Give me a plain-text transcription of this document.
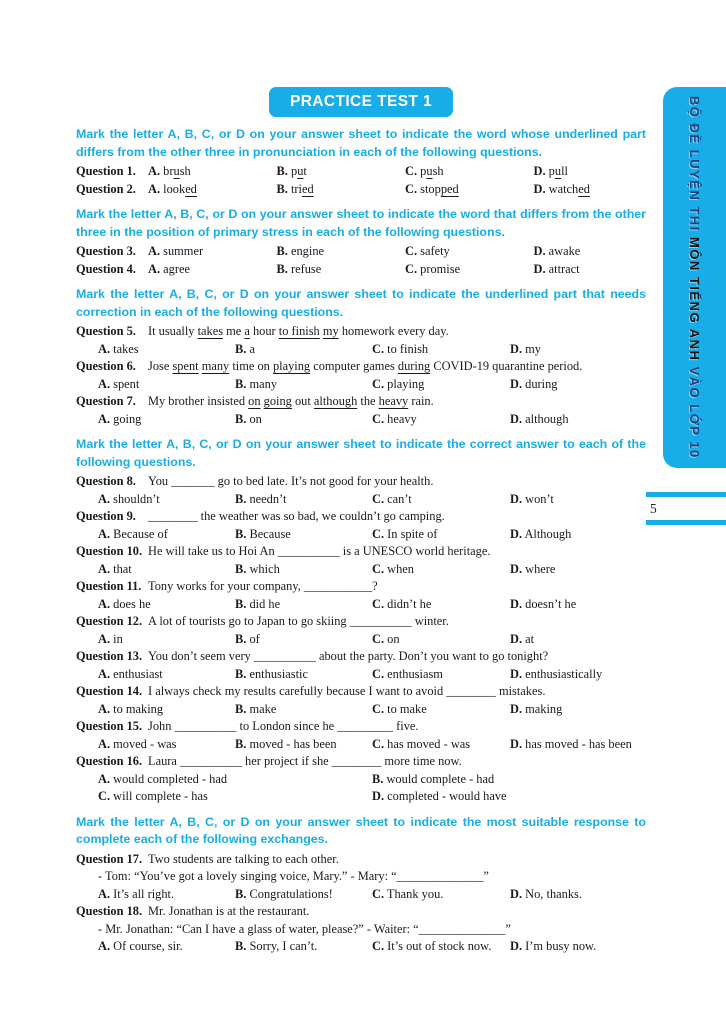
BỘ ĐỀ LUYỆN THI MÔN TIẾNG ANH VÀO LỚP 10
5
PRACTICE TEST 1

Mark the letter A, B, C, or D on your answer sheet to indicate the word whose underlined part differs from the other three in pronunciation in each of the following questions.

Question 1. A. brush	B. put	C. push	D. pull
Question 2. A. looked	B. tried	C. stopped	D. watched

Mark the letter A, B, C, or D on your answer sheet to indicate the word that differs from the other three in the position of primary stress in each of the following questions.

Question 3. A. summer	B. engine	C. safety	D. awake
Question 4. A. agree	B. refuse	C. promise	D. attract

Mark the letter A, B, C, or D on your answer sheet to indicate the underlined part that needs correction in each of the following questions.

Question 5. It usually takes me a hour to finish my homework every day.
A. takes	B. a	C. to finish	D. my
Question 6. Jose spent many time on playing computer games during COVID-19 quarantine period.
A. spent	B. many	C. playing	D. during
Question 7. My brother insisted on going out although the heavy rain.
A. going	B. on	C. heavy	D. although

Mark the letter A, B, C, or D on your answer sheet to indicate the correct answer to each of the following questions.

Question 8. You _______ go to bed late. It’s not good for your health.
A. shouldn’t	B. needn’t	C. can’t	D. won’t
Question 9. ________ the weather was so bad, we couldn’t go camping.
A. Because of	B. Because	C. In spite of	D. Although
Question 10. He will take us to Hoi An __________ is a UNESCO world heritage.
A. that	B. which	C. when	D. where
Question 11. Tony works for your company, ___________?
A. does he	B. did he	C. didn’t he	D. doesn’t he
Question 12. A lot of tourists go to Japan to go skiing __________ winter.
A. in	B. of	C. on	D. at
Question 13. You don’t seem very __________ about the party. Don’t you want to go tonight?
A. enthusiast	B. enthusiastic	C. enthusiasm	D. enthusiastically
Question 14. I always check my results carefully because I want to avoid ________ mistakes.
A. to making	B. make	C. to make	D. making
Question 15. John __________ to London since he _________ five.
A. moved - was	B. moved - has been	C. has moved - was	D. has moved - has been
Question 16. Laura __________ her project if she ________ more time now.
A. would completed - had	B. would complete - had
C. will complete - has	D. completed - would have

Mark the letter A, B, C, or D on your answer sheet to indicate the most suitable response to complete each of the following exchanges.

Question 17. Two students are talking to each other.
- Tom: “You’ve got a lovely singing voice, Mary.” - Mary: “______________”
A. It’s all right.	B. Congratulations!	C. Thank you.	D. No, thanks.
Question 18. Mr. Jonathan is at the restaurant.
- Mr. Jonathan: “Can I have a glass of water, please?” - Waiter: “______________”
A. Of course, sir.	B. Sorry, I can’t.	C. It’s out of stock now.	D. I’m busy now.
